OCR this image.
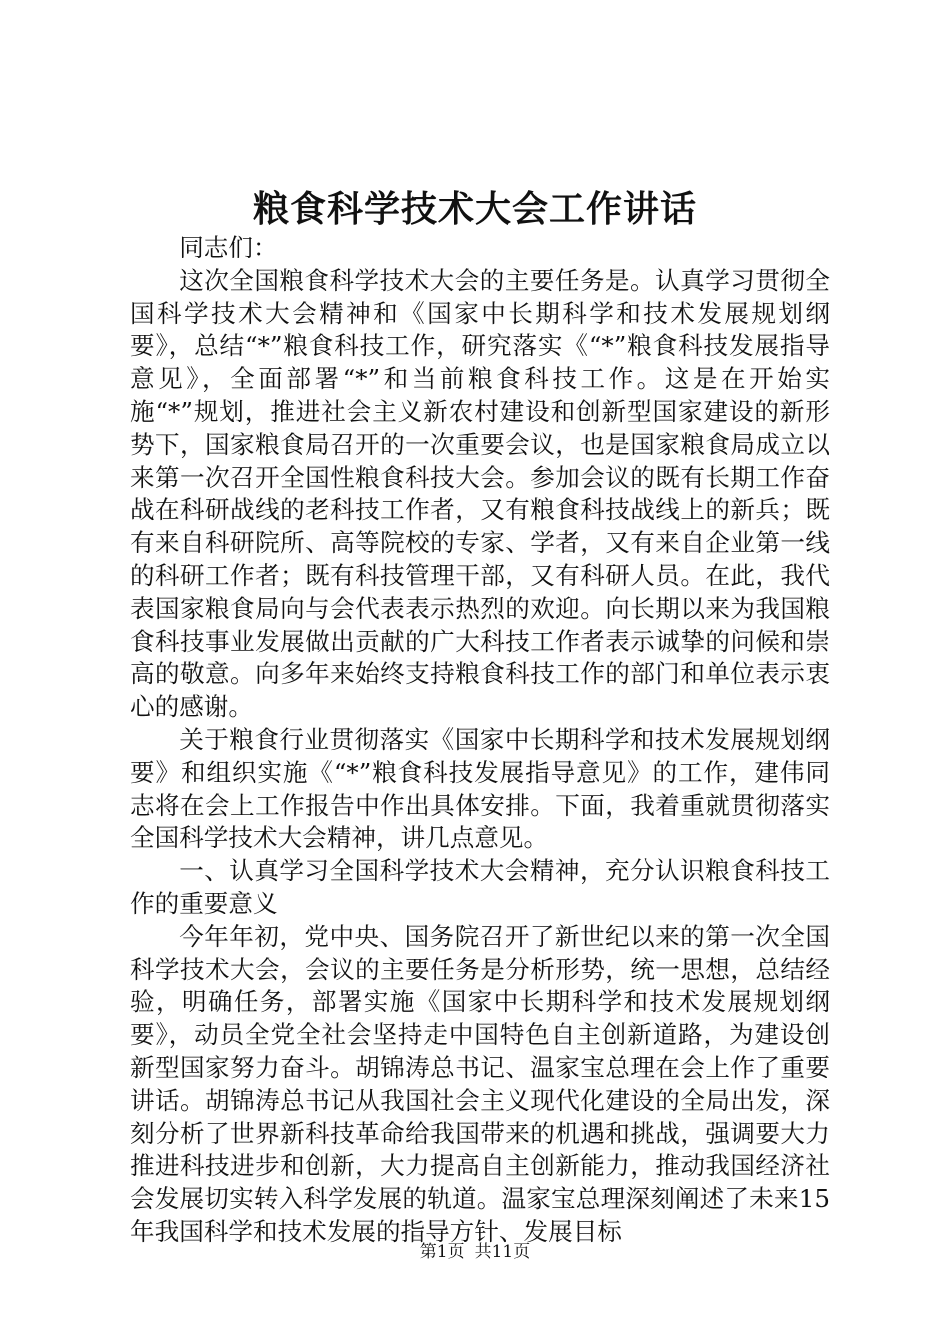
粮食科学技术大会工作讲话

同志们：

这次全国粮食科学技术大会的主要任务是。认真学习贯彻全国科学技术大会精神和《国家中长期科学和技术发展规划纲要》，总结“*”粮食科技工作，研究落实《“*”粮食科技发展指导意见》，全面部署“*”和当前粮食科技工作。这是在开始实施“*”规划，推进社会主义新农村建设和创新型国家建设的新形势下，国家粮食局召开的一次重要会议，也是国家粮食局成立以来第一次召开全国性粮食科技大会。参加会议的既有长期工作奋战在科研战线的老科技工作者，又有粮食科技战线上的新兵；既有来自科研院所、高等院校的专家、学者，又有来自企业第一线的科研工作者；既有科技管理干部，又有科研人员。在此，我代表国家粮食局向与会代表表示热烈的欢迎。向长期以来为我国粮食科技事业发展做出贡献的广大科技工作者表示诚挚的问候和崇高的敬意。向多年来始终支持粮食科技工作的部门和单位表示衷心的感谢。

关于粮食行业贯彻落实《国家中长期科学和技术发展规划纲要》和组织实施《“*”粮食科技发展指导意见》的工作，建伟同志将在会上工作报告中作出具体安排。下面，我着重就贯彻落实全国科学技术大会精神，讲几点意见。

一、认真学习全国科学技术大会精神，充分认识粮食科技工作的重要意义

今年年初，党中央、国务院召开了新世纪以来的第一次全国科学技术大会，会议的主要任务是分析形势，统一思想，总结经验，明确任务，部署实施《国家中长期科学和技术发展规划纲要》，动员全党全社会坚持走中国特色自主创新道路，为建设创新型国家努力奋斗。胡锦涛总书记、温家宝总理在会上作了重要讲话。胡锦涛总书记从我国社会主义现代化建设的全局出发，深刻分析了世界新科技革命给我国带来的机遇和挑战，强调要大力推进科技进步和创新，大力提高自主创新能力，推动我国经济社会发展切实转入科学发展的轨道。温家宝总理深刻阐述了未来15年我国科学和技术发展的指导方针、发展目标

第1页 共11页
